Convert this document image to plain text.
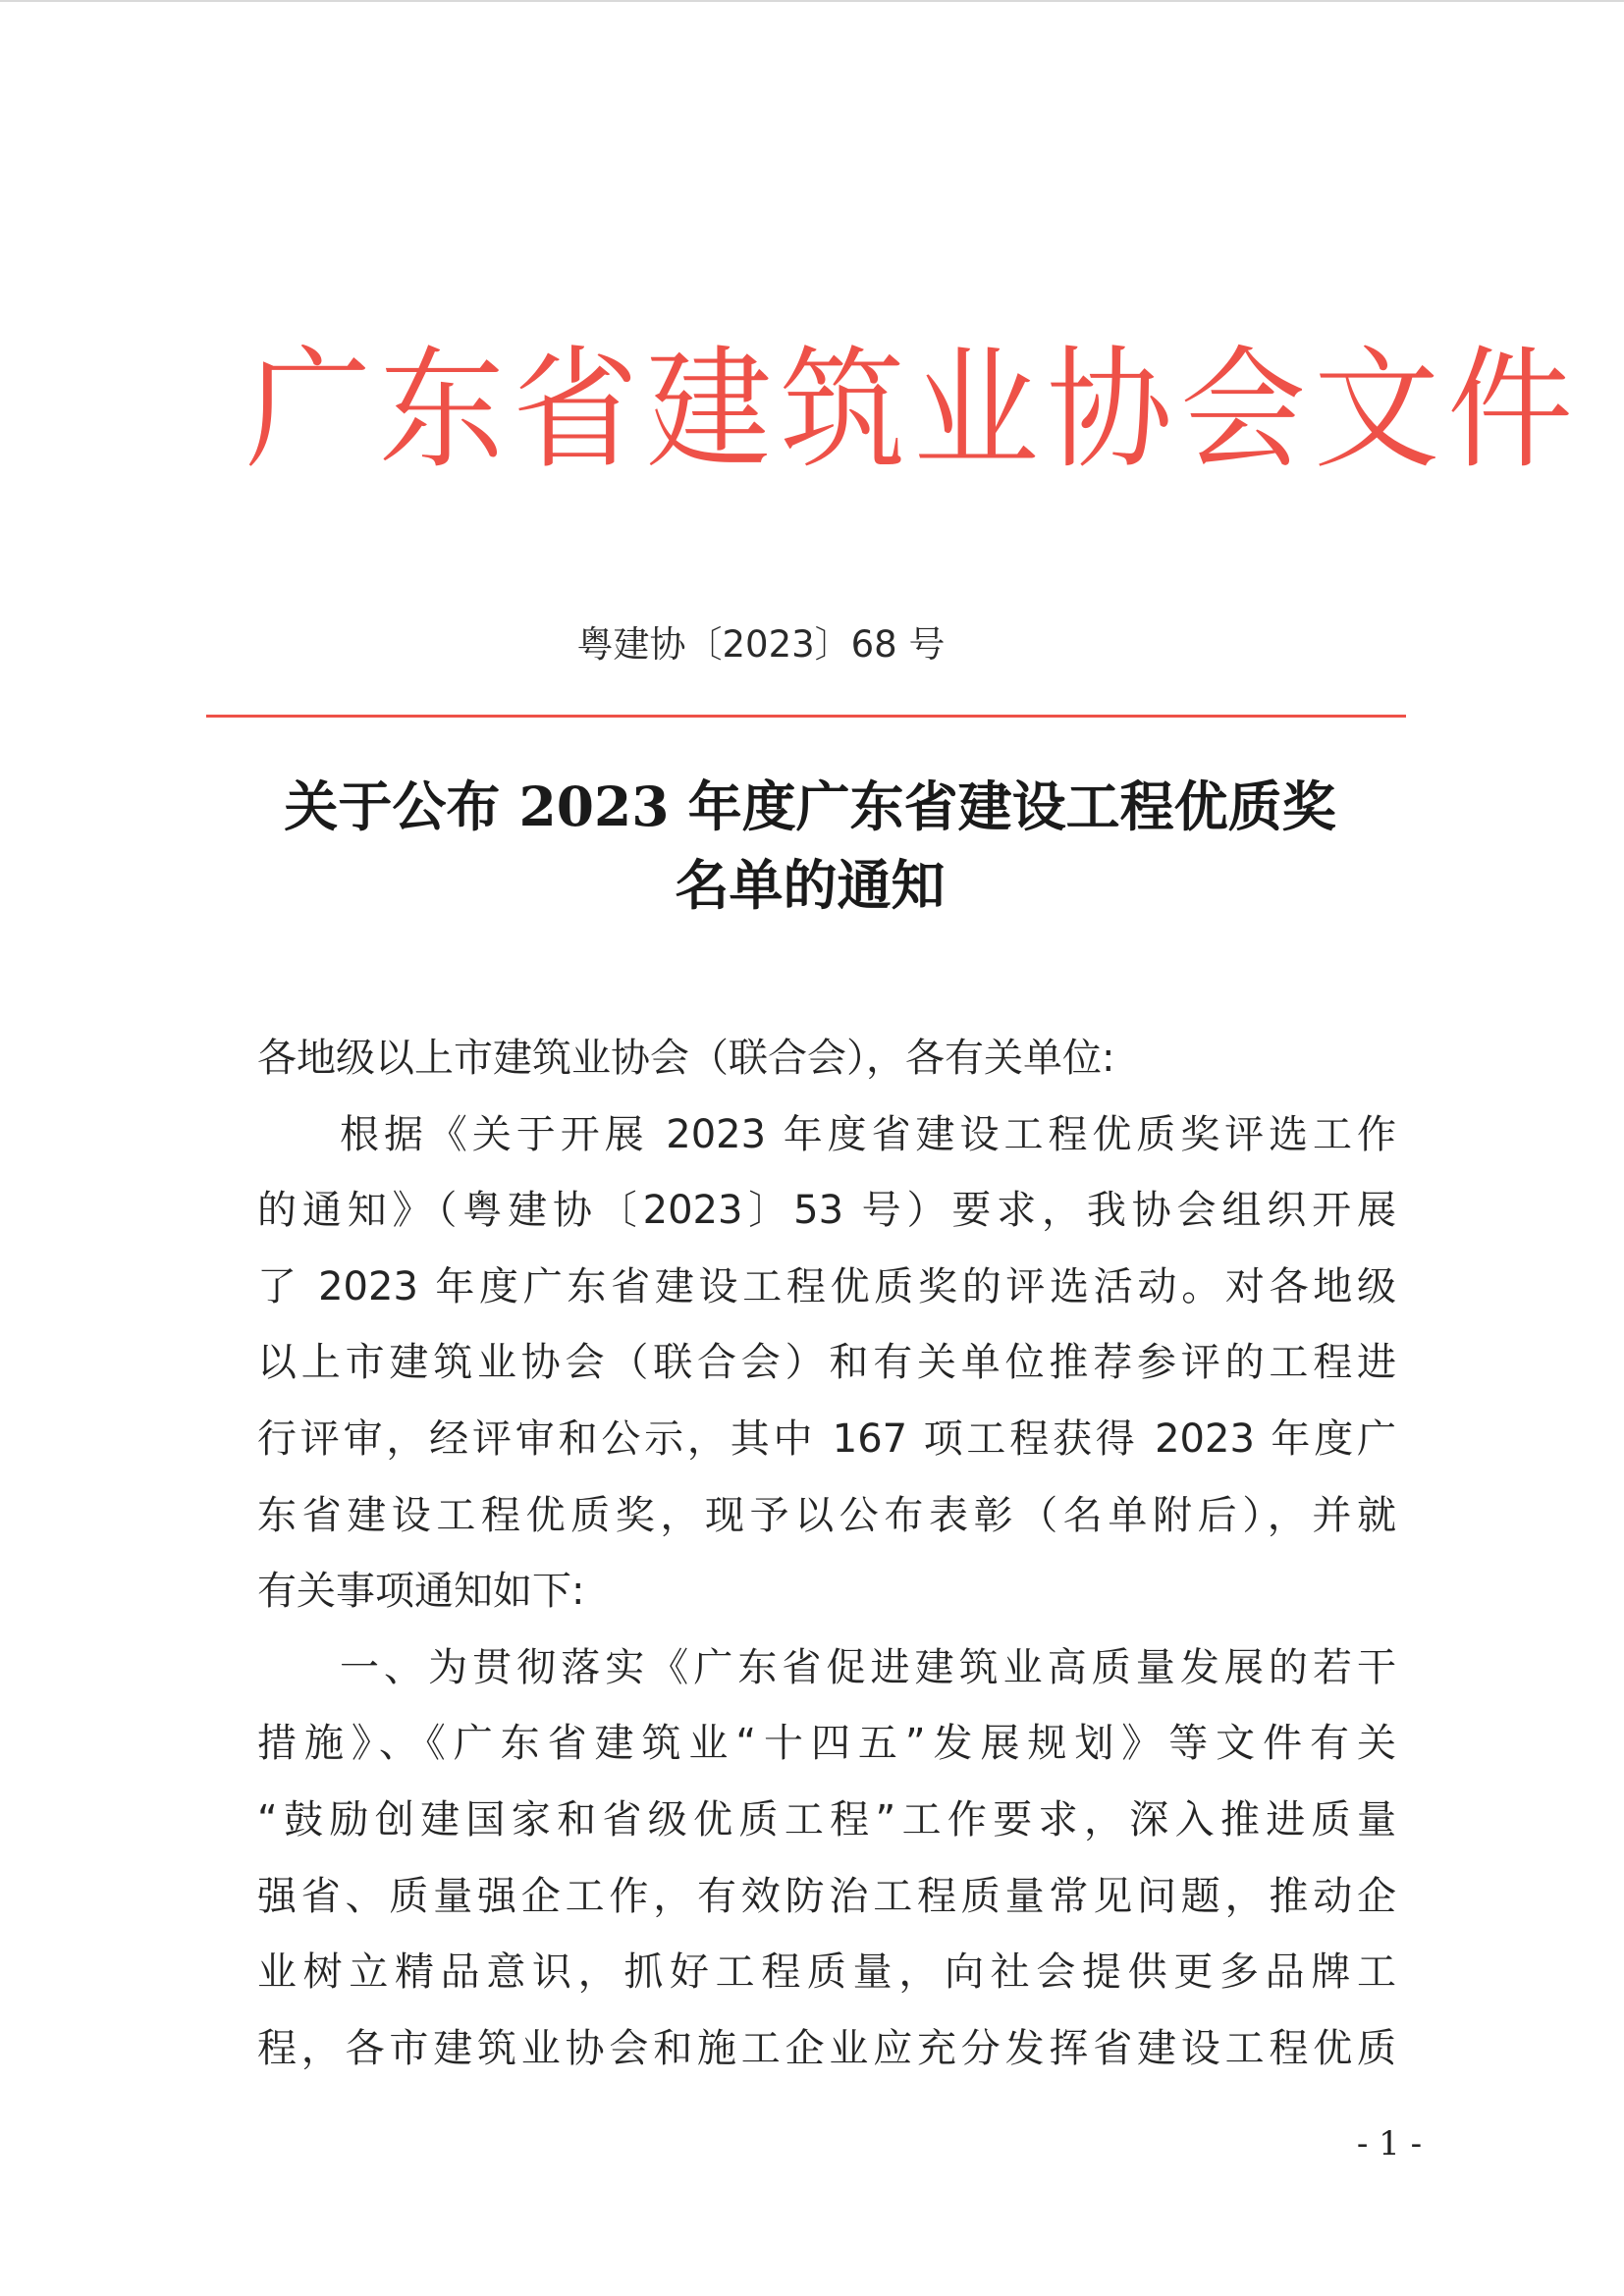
广东省建筑业协会文件
粤建协〔2023〕68 号
关于公布 2023 年度广东省建设工程优质奖
名单的通知
各地级以上市建筑业协会（联合会），各有关单位:
根据《关于开展 2023 年度省建设工程优质奖评选工作
的通知》（粤建协〔2023〕53 号）要求，我协会组织开展
了 2023 年度广东省建设工程优质奖的评选活动。对各地级
以上市建筑业协会（联合会）和有关单位推荐参评的工程进
行评审，经评审和公示，其中 167 项工程获得 2023 年度广
东省建设工程优质奖，现予以公布表彰（名单附后），并就
有关事项通知如下:
一、为贯彻落实《广东省促进建筑业高质量发展的若干
措施》、《广东省建筑业“十四五”发展规划》等文件有关
“鼓励创建国家和省级优质工程”工作要求，深入推进质量
强省、质量强企工作，有效防治工程质量常见问题，推动企
业树立精品意识，抓好工程质量，向社会提供更多品牌工
程，各市建筑业协会和施工企业应充分发挥省建设工程优质
- 1 -
